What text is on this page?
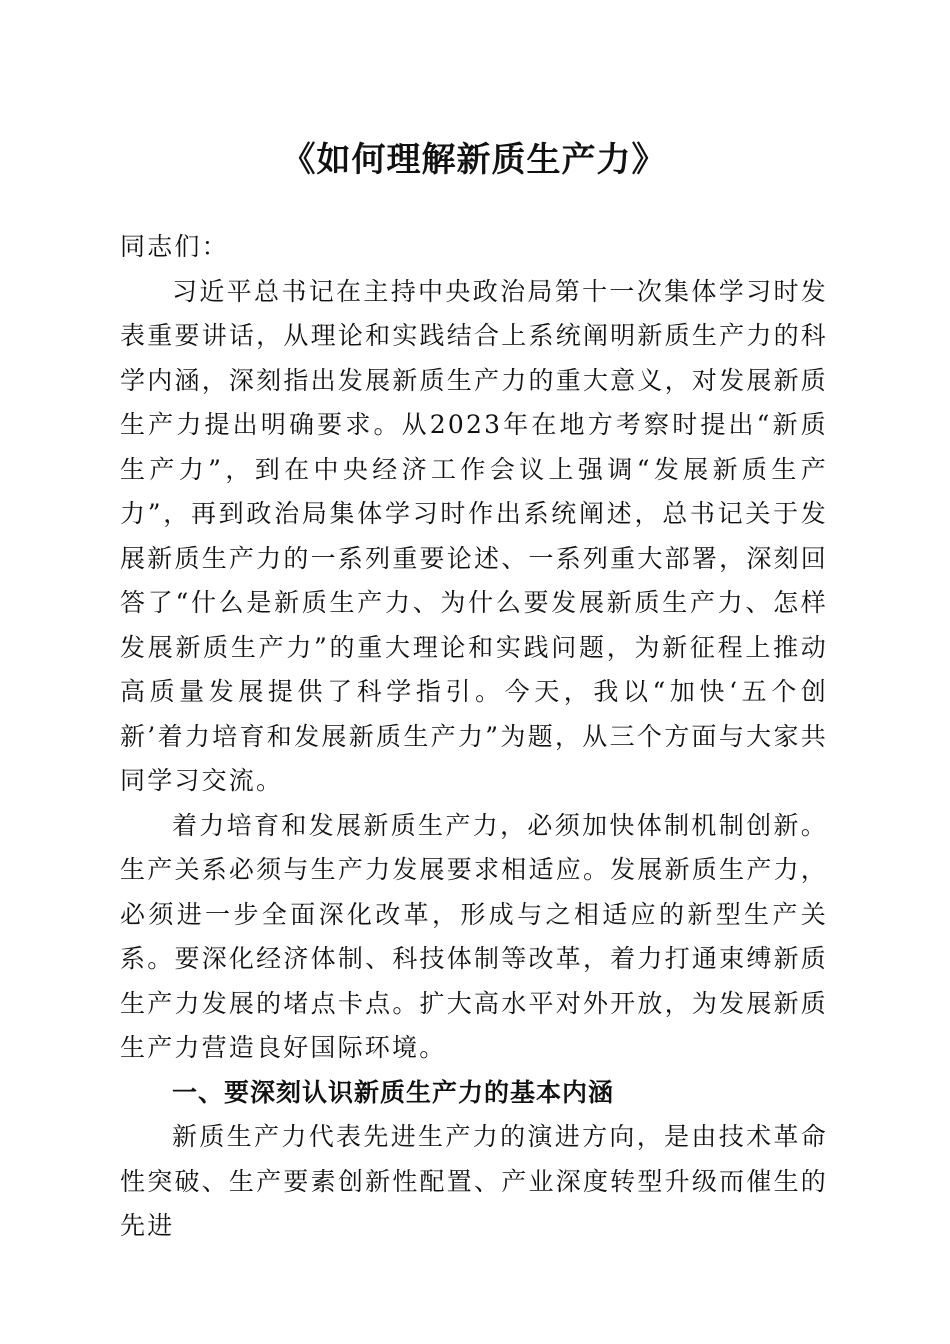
《如何理解新质生产力》

同志们：

习近平总书记在主持中央政治局第十一次集体学习时发表重要讲话，从理论和实践结合上系统阐明新质生产力的科学内涵，深刻指出发展新质生产力的重大意义，对发展新质生产力提出明确要求。从2023年在地方考察时提出“新质生产力”，到在中央经济工作会议上强调“发展新质生产力”，再到政治局集体学习时作出系统阐述，总书记关于发展新质生产力的一系列重要论述、一系列重大部署，深刻回答了“什么是新质生产力、为什么要发展新质生产力、怎样发展新质生产力”的重大理论和实践问题，为新征程上推动高质量发展提供了科学指引。今天，我以“加快‘五个创新’着力培育和发展新质生产力”为题，从三个方面与大家共同学习交流。

着力培育和发展新质生产力，必须加快体制机制创新。生产关系必须与生产力发展要求相适应。发展新质生产力，必须进一步全面深化改革，形成与之相适应的新型生产关系。要深化经济体制、科技体制等改革，着力打通束缚新质生产力发展的堵点卡点。扩大高水平对外开放，为发展新质生产力营造良好国际环境。

一、要深刻认识新质生产力的基本内涵

新质生产力代表先进生产力的演进方向，是由技术革命性突破、生产要素创新性配置、产业深度转型升级而催生的先进
